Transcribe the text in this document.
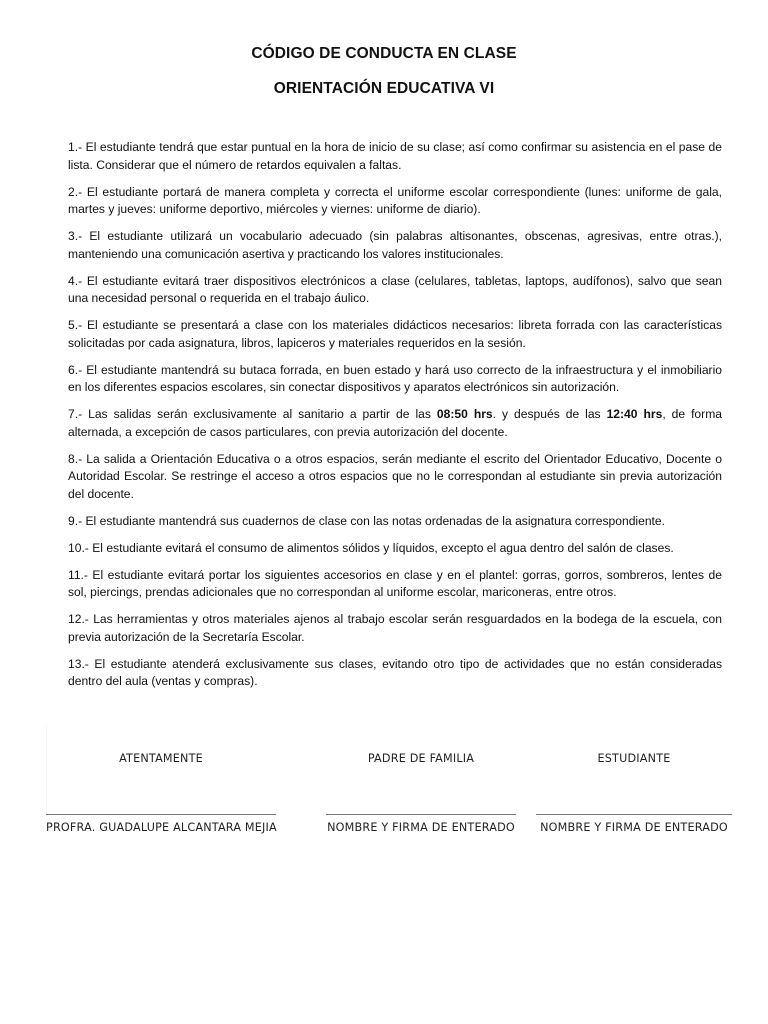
CÓDIGO DE CONDUCTA EN CLASE
ORIENTACIÓN EDUCATIVA VI

1.- El estudiante tendrá que estar puntual en la hora de inicio de su clase; así como confirmar su asistencia en el pase de lista. Considerar que el número de retardos equivalen a faltas.

2.- El estudiante portará de manera completa y correcta el uniforme escolar correspondiente (lunes: uniforme de gala, martes y jueves: uniforme deportivo, miércoles y viernes: uniforme de diario).

3.- El estudiante utilizará un vocabulario adecuado (sin palabras altisonantes, obscenas, agresivas, entre otras.), manteniendo una comunicación asertiva y practicando los valores institucionales.

4.- El estudiante evitará traer dispositivos electrónicos a clase (celulares, tabletas, laptops, audífonos), salvo que sean una necesidad personal o requerida en el trabajo áulico.

5.- El estudiante se presentará a clase con los materiales didácticos necesarios: libreta forrada con las características solicitadas por cada asignatura, libros, lapiceros y materiales requeridos en la sesión.

6.- El estudiante mantendrá su butaca forrada, en buen estado y hará uso correcto de la infraestructura y el inmobiliario en los diferentes espacios escolares, sin conectar dispositivos y aparatos electrónicos sin autorización.

7.- Las salidas serán exclusivamente al sanitario a partir de las 08:50 hrs. y después de las 12:40 hrs, de forma alternada, a excepción de casos particulares, con previa autorización del docente.

8.- La salida a Orientación Educativa o a otros espacios, serán mediante el escrito del Orientador Educativo, Docente o Autoridad Escolar. Se restringe el acceso a otros espacios que no le correspondan al estudiante sin previa autorización del docente.

9.- El estudiante mantendrá sus cuadernos de clase con las notas ordenadas de la asignatura correspondiente.

10.- El estudiante evitará el consumo de alimentos sólidos y líquidos, excepto el agua dentro del salón de clases.

11.- El estudiante evitará portar los siguientes accesorios en clase y en el plantel: gorras, gorros, sombreros, lentes de sol, piercings, prendas adicionales que no correspondan al uniforme escolar, mariconeras, entre otros.

12.- Las herramientas y otros materiales ajenos al trabajo escolar serán resguardados en la bodega de la escuela, con previa autorización de la Secretaría Escolar.

13.- El estudiante atenderá exclusivamente sus clases, evitando otro tipo de actividades que no están consideradas dentro del aula (ventas y compras).

ATENTAMENTE
PROFRA. GUADALUPE ALCANTARA MEJIA
PADRE DE FAMILIA
NOMBRE Y FIRMA DE ENTERADO
ESTUDIANTE
NOMBRE Y FIRMA DE ENTERADO
